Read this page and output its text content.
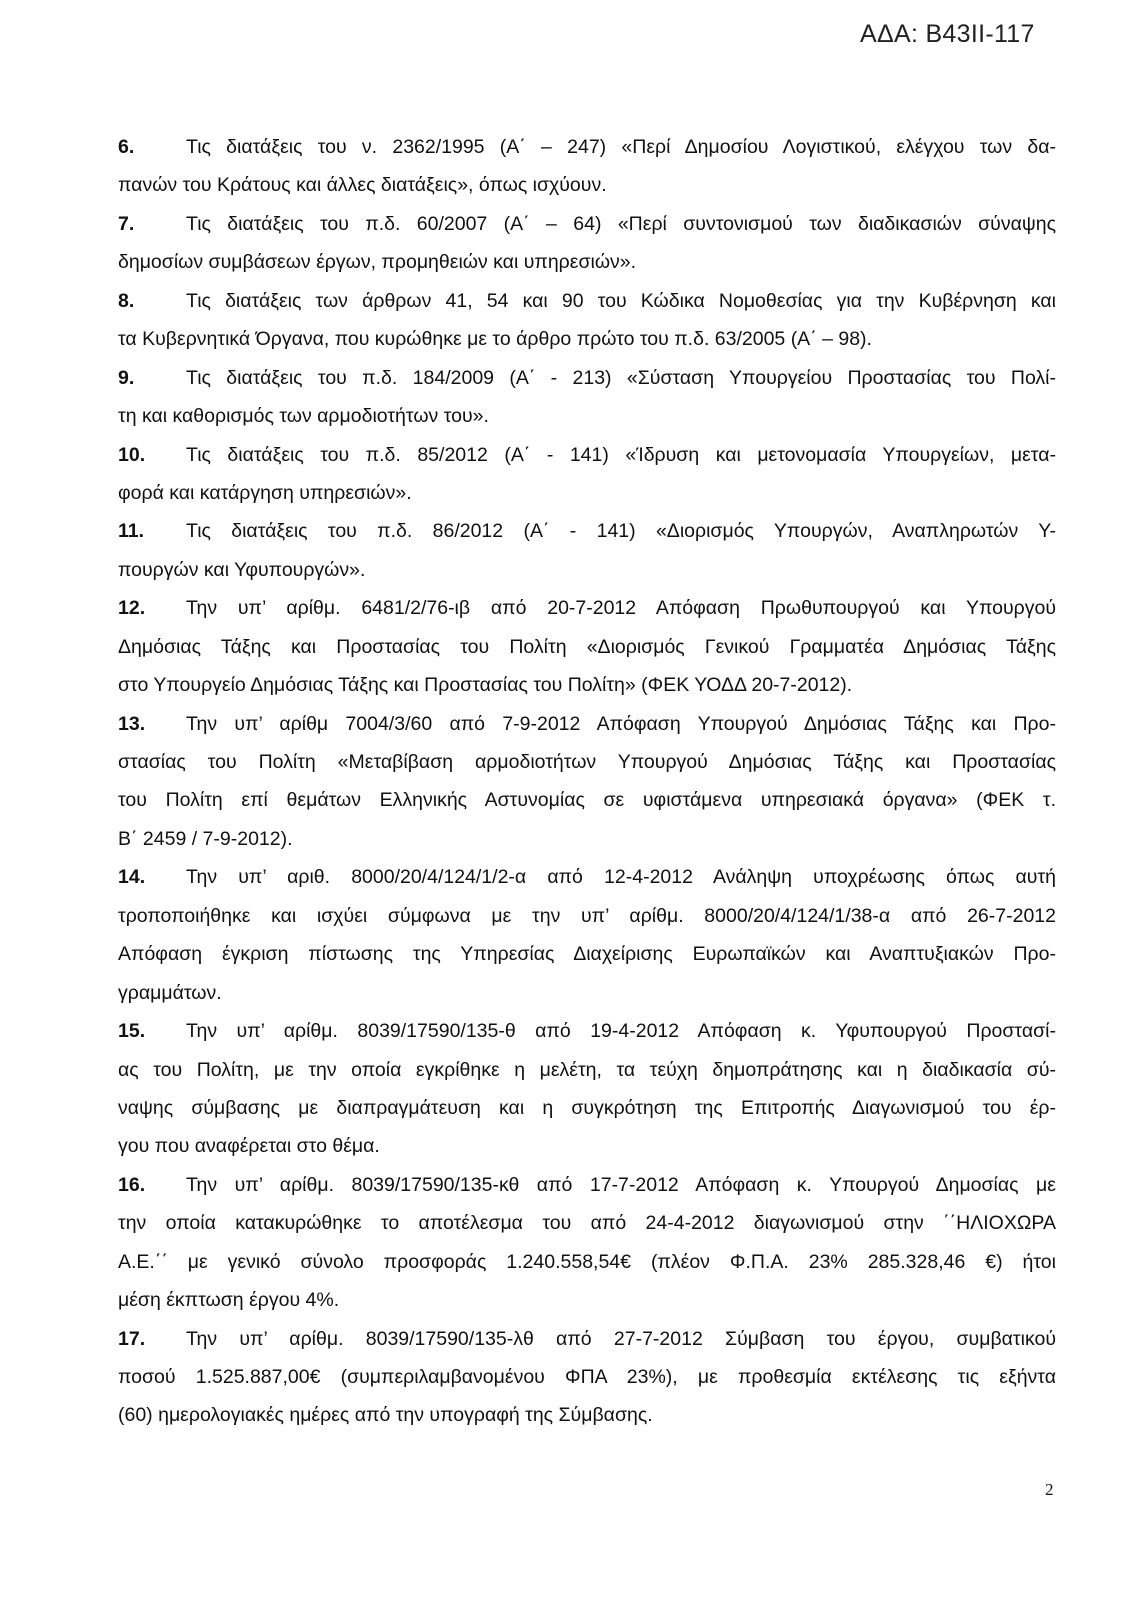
ΑΔΑ: Β43ΙΙ-117
6.	Τις διατάξεις του ν. 2362/1995 (Α΄ – 247) «Περί Δημοσίου Λογιστικού, ελέγχου των δα-
πανών του Κράτους και άλλες διατάξεις», όπως ισχύουν.
7.	Τις διατάξεις του π.δ. 60/2007 (Α΄ – 64) «Περί συντονισμού των διαδικασιών σύναψης
δημοσίων συμβάσεων έργων, προμηθειών και υπηρεσιών».
8.	Τις διατάξεις των άρθρων 41, 54 και 90 του Κώδικα Νομοθεσίας για την Κυβέρνηση και
τα Κυβερνητικά Όργανα, που κυρώθηκε με το άρθρο πρώτο του π.δ. 63/2005 (Α΄ – 98).
9.	Τις διατάξεις του π.δ. 184/2009 (Α΄ - 213) «Σύσταση Υπουργείου Προστασίας του Πολί-
τη και καθορισμός των αρμοδιοτήτων του».
10.	Τις διατάξεις του π.δ. 85/2012 (Α΄ - 141) «Ίδρυση και μετονομασία Υπουργείων, μετα-
φορά και κατάργηση υπηρεσιών».
11.	Τις διατάξεις του π.δ. 86/2012 (Α΄ - 141) «Διορισμός Υπουργών, Αναπληρωτών Υ-
πουργών και Υφυπουργών».
12.	Την υπ’ αρίθμ. 6481/2/76-ιβ από 20-7-2012 Απόφαση Πρωθυπουργού και Υπουργού
Δημόσιας Τάξης και Προστασίας του Πολίτη «Διορισμός Γενικού Γραμματέα Δημόσιας Τάξης
στο Υπουργείο Δημόσιας Τάξης και Προστασίας του Πολίτη» (ΦΕΚ ΥΟΔΔ 20-7-2012).
13.	Την υπ’ αρίθμ 7004/3/60 από 7-9-2012 Απόφαση Υπουργού Δημόσιας Τάξης και Προ-
στασίας του Πολίτη «Μεταβίβαση αρμοδιοτήτων Υπουργού Δημόσιας Τάξης και Προστασίας
του Πολίτη επί θεμάτων Ελληνικής Αστυνομίας σε υφιστάμενα υπηρεσιακά όργανα» (ΦΕΚ τ.
Β΄ 2459 / 7-9-2012).
14.	Την υπ’ αριθ. 8000/20/4/124/1/2-α από 12-4-2012 Ανάληψη υποχρέωσης όπως αυτή
τροποποιήθηκε και ισχύει σύμφωνα με την υπ’ αρίθμ. 8000/20/4/124/1/38-α από 26-7-2012
Απόφαση έγκριση πίστωσης της Υπηρεσίας Διαχείρισης Ευρωπαϊκών και Αναπτυξιακών Προ-
γραμμάτων.
15.	Την υπ’ αρίθμ. 8039/17590/135-θ από 19-4-2012 Απόφαση κ. Υφυπουργού Προστασί-
ας του Πολίτη, με την οποία εγκρίθηκε η μελέτη, τα τεύχη δημοπράτησης και η διαδικασία σύ-
ναψης σύμβασης με διαπραγμάτευση και η συγκρότηση της Επιτροπής Διαγωνισμού του έρ-
γου που αναφέρεται στο θέμα.
16.	Την υπ’ αρίθμ. 8039/17590/135-κθ από 17-7-2012 Απόφαση κ. Υπουργού Δημοσίας με
την οποία κατακυρώθηκε το αποτέλεσμα του από 24-4-2012 διαγωνισμού στην ΄΄ΗΛΙΟΧΩΡΑ
Α.Ε.΄΄ με γενικό σύνολο προσφοράς 1.240.558,54€ (πλέον Φ.Π.Α. 23% 285.328,46 €) ήτοι
μέση έκπτωση έργου 4%.
17.	Την υπ’ αρίθμ. 8039/17590/135-λθ από 27-7-2012 Σύμβαση του έργου, συμβατικού
ποσού 1.525.887,00€ (συμπεριλαμβανομένου ΦΠΑ 23%), με προθεσμία εκτέλεσης τις εξήντα
(60) ημερολογιακές ημέρες από την υπογραφή της Σύμβασης.
2
